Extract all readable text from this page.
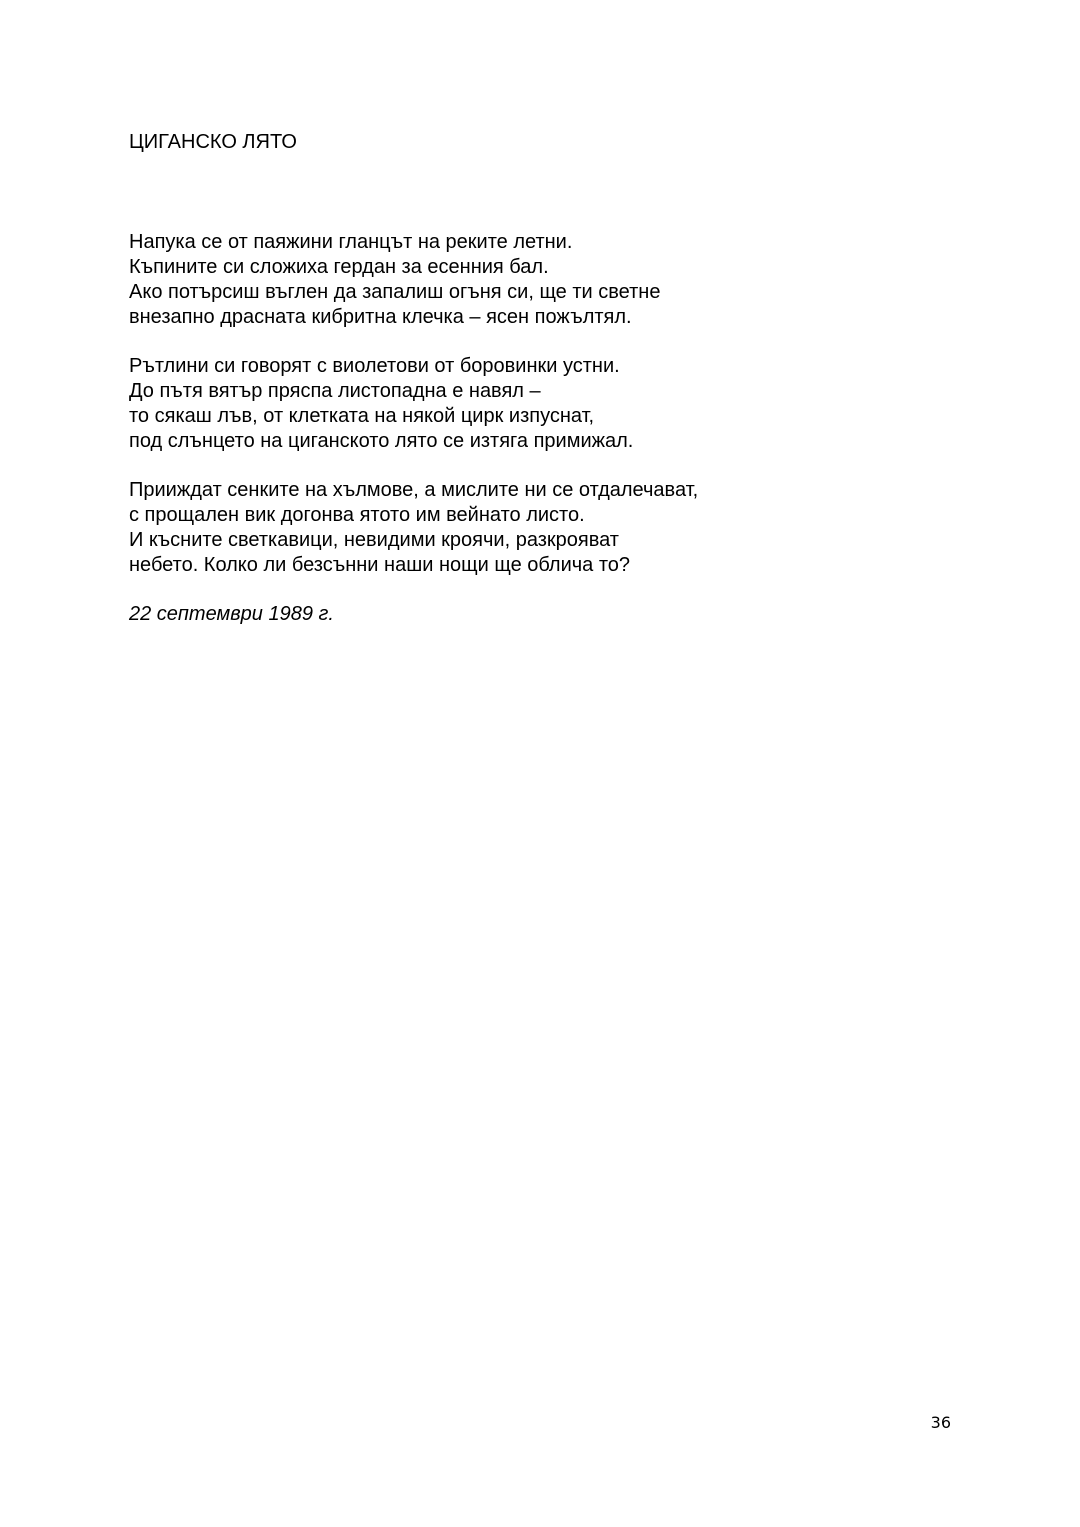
ЦИГАНСКО ЛЯТО
Напука се от паяжини гланцът на реките летни.
Къпините си сложиха гердан за есенния бал.
Ако потърсиш въглен да запалиш огъня си, ще ти светне
внезапно драсната кибритна клечка – ясен пожълтял.
Рътлини си говорят с виолетови от боровинки устни.
До пътя вятър пряспа листопадна е навял –
то сякаш лъв, от клетката на някой цирк изпуснат,
под слънцето на циганското лято се изтяга примижал.
Прииждат сенките на хълмове, а мислите ни се отдалечават,
с прощален вик догонва ятото им вейнато листо.
И късните светкавици, невидими кроячи, разкрояват
небето. Колко ли безсънни наши нощи ще облича то?
22 септември 1989 г.
36
